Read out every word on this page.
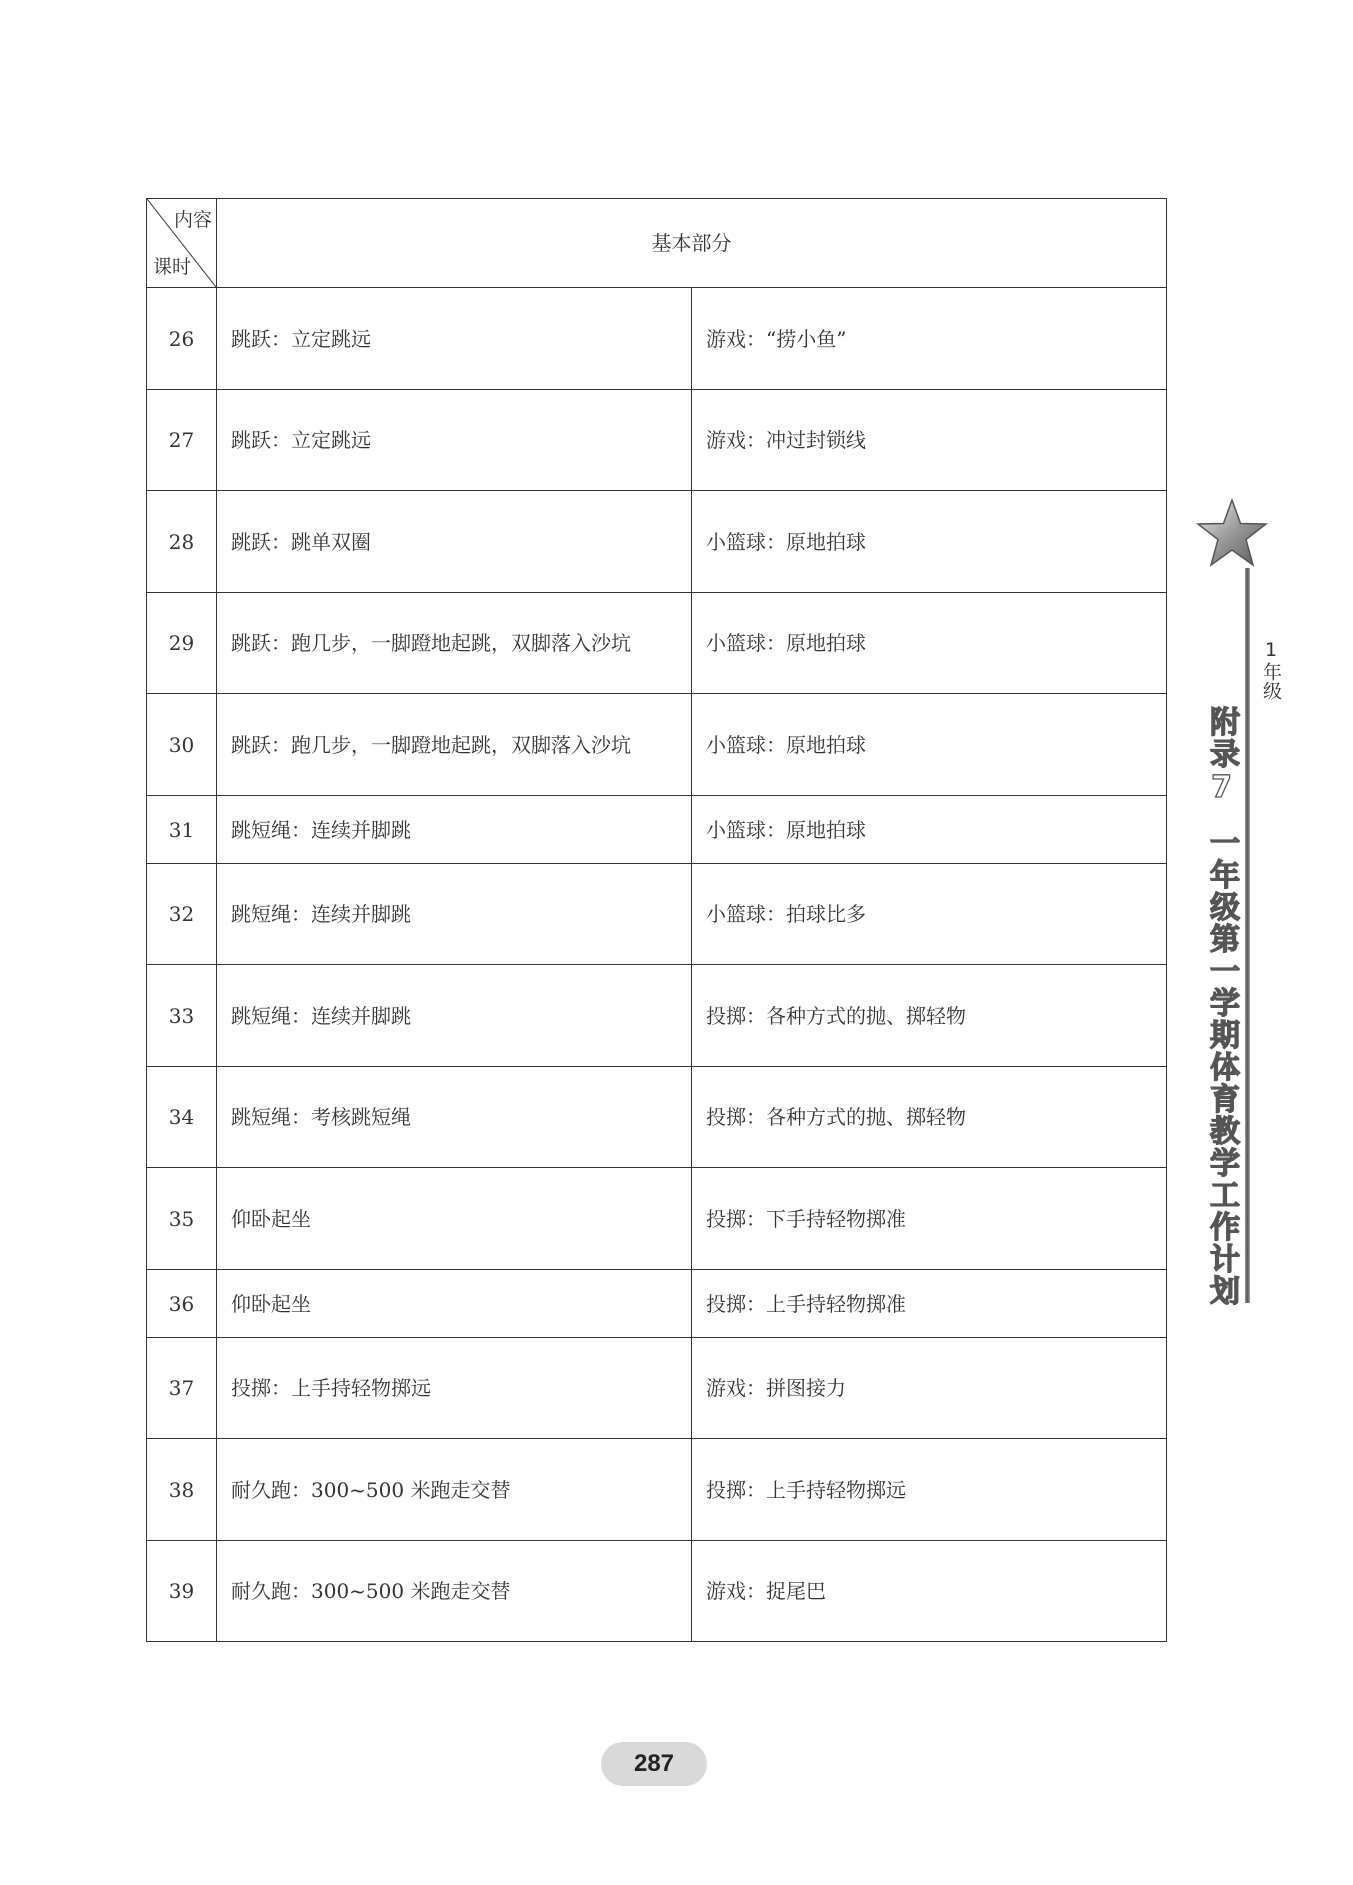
内容
课时	基本部分	
26	跳跃：立定跳远	游戏：“捞小鱼”
27	跳跃：立定跳远	游戏：冲过封锁线
28	跳跃：跳单双圈	小篮球：原地拍球
29	跳跃：跑几步，一脚蹬地起跳，双脚落入沙坑	小篮球：原地拍球
30	跳跃：跑几步，一脚蹬地起跳，双脚落入沙坑	小篮球：原地拍球
31	跳短绳：连续并脚跳	小篮球：原地拍球
32	跳短绳：连续并脚跳	小篮球：拍球比多
33	跳短绳：连续并脚跳	投掷：各种方式的抛、掷轻物
34	跳短绳：考核跳短绳	投掷：各种方式的抛、掷轻物
35	仰卧起坐	投掷：下手持轻物掷准
36	仰卧起坐	投掷：上手持轻物掷准
37	投掷：上手持轻物掷远	游戏：拼图接力
38	耐久跑：300~500 米跑走交替	投掷：上手持轻物掷远
39	耐久跑：300~500 米跑走交替	游戏：捉尾巴
1
年级
附录7一年级第一学期体育教学工作计划
287
